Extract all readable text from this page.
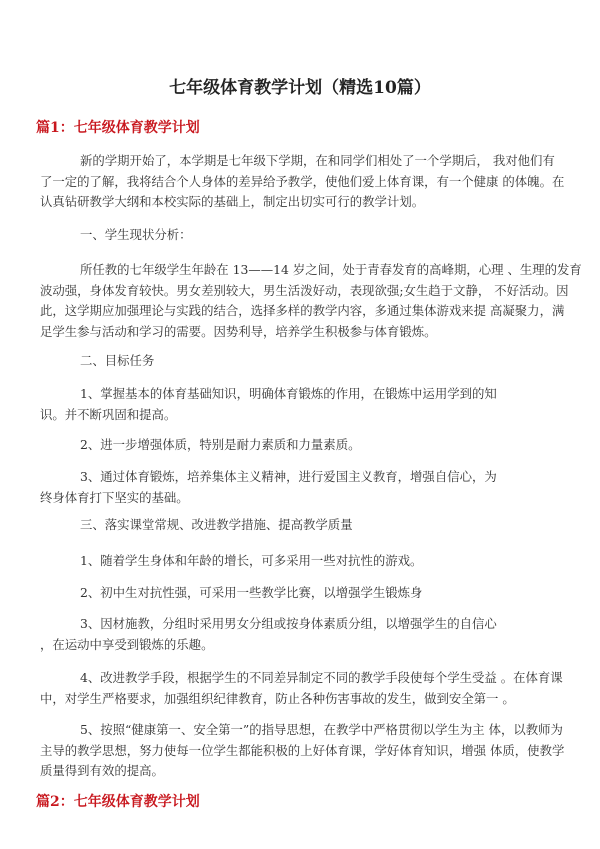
七年级体育教学计划（精选10篇）
篇1：七年级体育教学计划
新的学期开始了，本学期是七年级下学期，在和同学们相处了一个学期后， 我对他们有
了一定的了解，我将结合个人身体的差异给予教学，使他们爱上体育课，有一个健康 的体魄。在
认真钻研教学大纲和本校实际的基础上，制定出切实可行的教学计划。
一、学生现状分析：
所任教的七年级学生年龄在 13——14 岁之间，处于青春发育的高峰期，心理 、生理的发育
波动强，身体发育较快。男女差别较大，男生活泼好动，表现欲强;女生趋于文静， 不好活动。因
此，这学期应加强理论与实践的结合，选择多样的教学内容，多通过集体游戏来提 高凝聚力，满
足学生参与活动和学习的需要。因势利导，培养学生积极参与体育锻炼。
二、目标任务
1、掌握基本的体育基础知识，明确体育锻炼的作用，在锻炼中运用学到的知
识。并不断巩固和提高。
2、进一步增强体质，特别是耐力素质和力量素质。
3、通过体育锻炼，培养集体主义精神，进行爱国主义教育，增强自信心，为
终身体育打下坚实的基础。
三、落实课堂常规、改进教学措施、提高教学质量
1、随着学生身体和年龄的增长，可多采用一些对抗性的游戏。
2、初中生对抗性强，可采用一些教学比赛，以增强学生锻炼身
3、因材施教，分组时采用男女分组或按身体素质分组，以增强学生的自信心
，在运动中享受到锻炼的乐趣。
4、改进教学手段，根据学生的不同差异制定不同的教学手段使每个学生受益 。在体育课
中，对学生严格要求，加强组织纪律教育，防止各种伤害事故的发生，做到安全第一 。
5、按照“健康第一、安全第一”的指导思想，在教学中严格贯彻以学生为主 体，以教师为
主导的教学思想，努力使每一位学生都能积极的上好体育课，学好体育知识，增强 体质，使教学
质量得到有效的提高。
篇2：七年级体育教学计划
